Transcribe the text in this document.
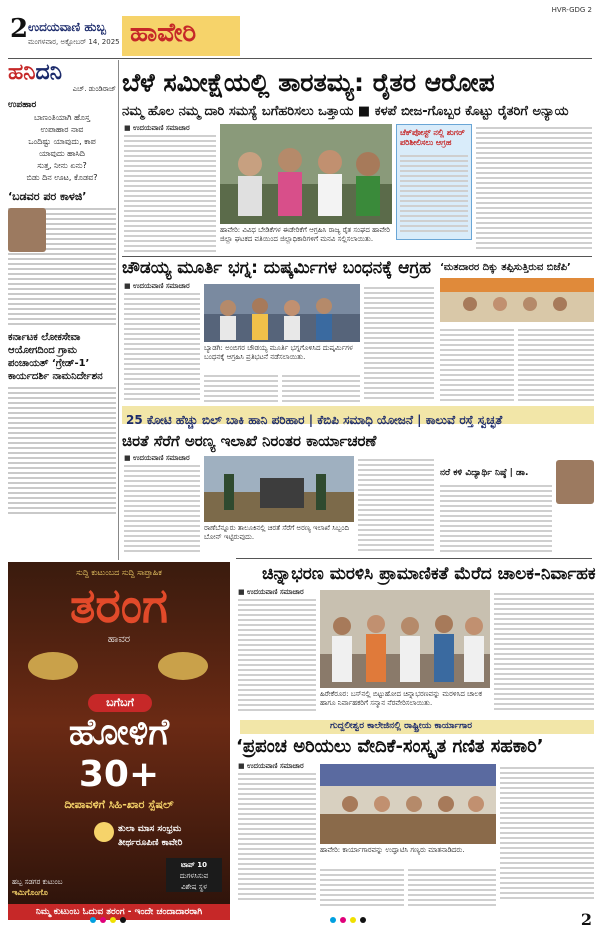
2 ಉದಯವಾಣಿ ಹುಬ್ಬ
ಮಂಗಳವಾರ, ಅಕ್ಟೋಬರ್ 14, 2025 ಹಾವೇರಿ
HVR-GDG 2
ಹನಿದನಿ
ಎಚ್. ಡುಂಡಿರಾಜ್
ಉಪಹಾರ
ಬಾಣಂತಿಯಾಗಿ ಹೊಸ್ತ
ಉಪಾಹಾರ ನಾವ
ಒಂದಿಷ್ಟು ಯಾವುದು, ಕಾಪ
ಯಾವುದು ಹಾಸಿದಿ
ಸುತ್ತ, ನೀನು ಏನು?
ಬಿಡು ದಿನ ಊಟ, ಕೊಡವ?
‘ಬಡವರ ಪರ ಕಾಳಜಿ’
ಕರ್ನಾಟಕ ಲೋಕಸೇವಾ ಆಯೋಗದಿಂದ ಗ್ರಾಮ ಪಂಚಾಯತ್ ‘ಗ್ರೇಡ್-1’ ಕಾರ್ಯದರ್ಶಿ ನಾಮನಿರ್ದೇಶನ
ಬೆಳೆ ಸಮೀಕ್ಷೆಯಲ್ಲಿ ತಾರತಮ್ಯ: ರೈತರ ಆರೋಪ
ನಮ್ಮ ಹೊಲ ನಮ್ಮ ದಾರಿ ಸಮಸ್ಯೆ ಬಗೆಹರಿಸಲು ಒತ್ತಾಯ ■ ಕಳಪೆ ಬೀಜ-ಗೊಬ್ಬರ ಕೊಟ್ಟು ರೈತರಿಗೆ ಅನ್ಯಾಯ
■ ಉದಯವಾಣಿ ಸಮಾಚಾರ
ಹಾವೇರಿ: ವಿವಿಧ ಬೇಡಿಕೆಗಳ ಈಡೇರಿಕೆಗೆ ಆಗ್ರಹಿಸಿ ರಾಜ್ಯ ರೈತ ಸಂಘದ ಹಾವೇರಿ ಜಿಲ್ಲಾ ಘಟಕದ ವತಿಯಿಂದ ಜಿಲ್ಲಾಧಿಕಾರಿಗಳಿಗೆ ಮನವಿ ಸಲ್ಲಿಸಲಾಯಿತು.
ಚೆಕ್‌ಪೋಸ್ಟ್‌ ನಲ್ಲಿ ಶುಗರ್ ಪರಿಶೀಲಿಸಲು ಆಗ್ರಹ
ಚೌಡಯ್ಯ ಮೂರ್ತಿ ಭಗ್ನ: ದುಷ್ಕರ್ಮಿಗಳ ಬಂಧನಕ್ಕೆ ಆಗ್ರಹ
■ ಉದಯವಾಣಿ ಸಮಾಚಾರ
ಬ್ಯಾಡಗಿ: ಅಂಬಿಗರ ಚೌಡಯ್ಯ ಮೂರ್ತಿ ಭಗ್ನಗೊಳಿಸಿದ ದುಷ್ಕರ್ಮಿಗಳ ಬಂಧನಕ್ಕೆ ಆಗ್ರಹಿಸಿ ಪ್ರತಿಭಟನೆ ನಡೆಸಲಾಯಿತು.
‘ಮತದಾರರ ದಿಕ್ಕು ತಪ್ಪಿಸುತ್ತಿರುವ ಬಿಜೆಪಿ’
25 ಕೋಟಿ ಹೆಚ್ಚು ಬಿಲ್ ಬಾಕಿ ಹಾನಿ ಪರಿಹಾರ | ಕೆಬಿಪಿ ಸಮಾಧಿ ಯೋಜನೆ | ಕಾಲುವೆ ರಸ್ತೆ ಸ್ವಚ್ಛತೆ
ಚಿರತೆ ಸೆರೆಗೆ ಅರಣ್ಯ ಇಲಾಖೆ ನಿರಂತರ ಕಾರ್ಯಾಚರಣೆ
■ ಉದಯವಾಣಿ ಸಮಾಚಾರ
ರಾಣೆಬೆನ್ನೂರು ತಾಲೂಕಿನಲ್ಲಿ ಚಿರತೆ ಸೆರೆಗೆ ಅರಣ್ಯ ಇಲಾಖೆ ಸಿಬ್ಬಂದಿ ಬೋನ್ ಇಟ್ಟಿರುವುದು.
ನರೆ ಕಳಿ ವಿದ್ಯಾರ್ಥಿ ನಿಷ್ಠೆ | ಡಾ.
ಸುದ್ದಿ ಕುಟುಂಬದ ಸುದ್ದಿ ಸಾಪ್ತಾಹಿಕ
ತರಂಗ
ಹಾವರ
ಬಗೆಬಗೆ
ಹೋಳಿಗೆ
30+
ದೀಪಾವಳಿಗೆ ಸಿಹಿ-ಖಾರ ಸ್ಪೆಷಲ್
ತುಲಾ ಮಾಸ ಸಂಭ್ರಮ
ತೀರ್ಥರೂಪಿಣಿ ಕಾವೇರಿ
ಟಾಪ್ 10
ದುಗಳಸಿಸುವ
ವಿಶೇಷ ಸ್ಥಳ
ಹಬ್ಬ ಸಡಗರ ಕುಟುಂಬ
ಇಮಿಗೊಂಗೊ
ನಿಮ್ಮ ಕುಟುಂಬ ಓದುವ ತರಂಗ - ಇಂದೇ ಚಂದಾದಾರರಾಗಿ
ಚಿನ್ನಾಭರಣ ಮರಳಿಸಿ ಪ್ರಾಮಾಣಿಕತೆ ಮೆರೆದ ಚಾಲಕ-ನಿರ್ವಾಹಕ
■ ಉದಯವಾಣಿ ಸಮಾಚಾರ
ಹಿರೇಕೆರೂರ: ಬಸ್‌ನಲ್ಲಿ ಬಿಟ್ಟುಹೋದ ಚಿನ್ನಾಭರಣವನ್ನು ಮರಳಿಸಿದ ಚಾಲಕ ಹಾಗೂ ನಿರ್ವಾಹಕರಿಗೆ ಸನ್ಮಾನ ನೆರವೇರಿಸಲಾಯಿತು.
ಗುದ್ದಲೀಶ್ವರ ಕಾಲೇಜಿನಲ್ಲಿ ರಾಷ್ಟ್ರೀಯ ಕಾರ್ಯಾಗಾರ
‘ಪ್ರಪಂಚ ಅರಿಯಲು ವೇದಿಕೆ-ಸಂಸ್ಕೃತ ಗಣಿತ ಸಹಕಾರಿ’
■ ಉದಯವಾಣಿ ಸಮಾಚಾರ
ಹಾವೇರಿ: ಕಾರ್ಯಾಗಾರವನ್ನು ಉದ್ಘಾಟಿಸಿ ಗಣ್ಯರು ಮಾತನಾಡಿದರು.
2
